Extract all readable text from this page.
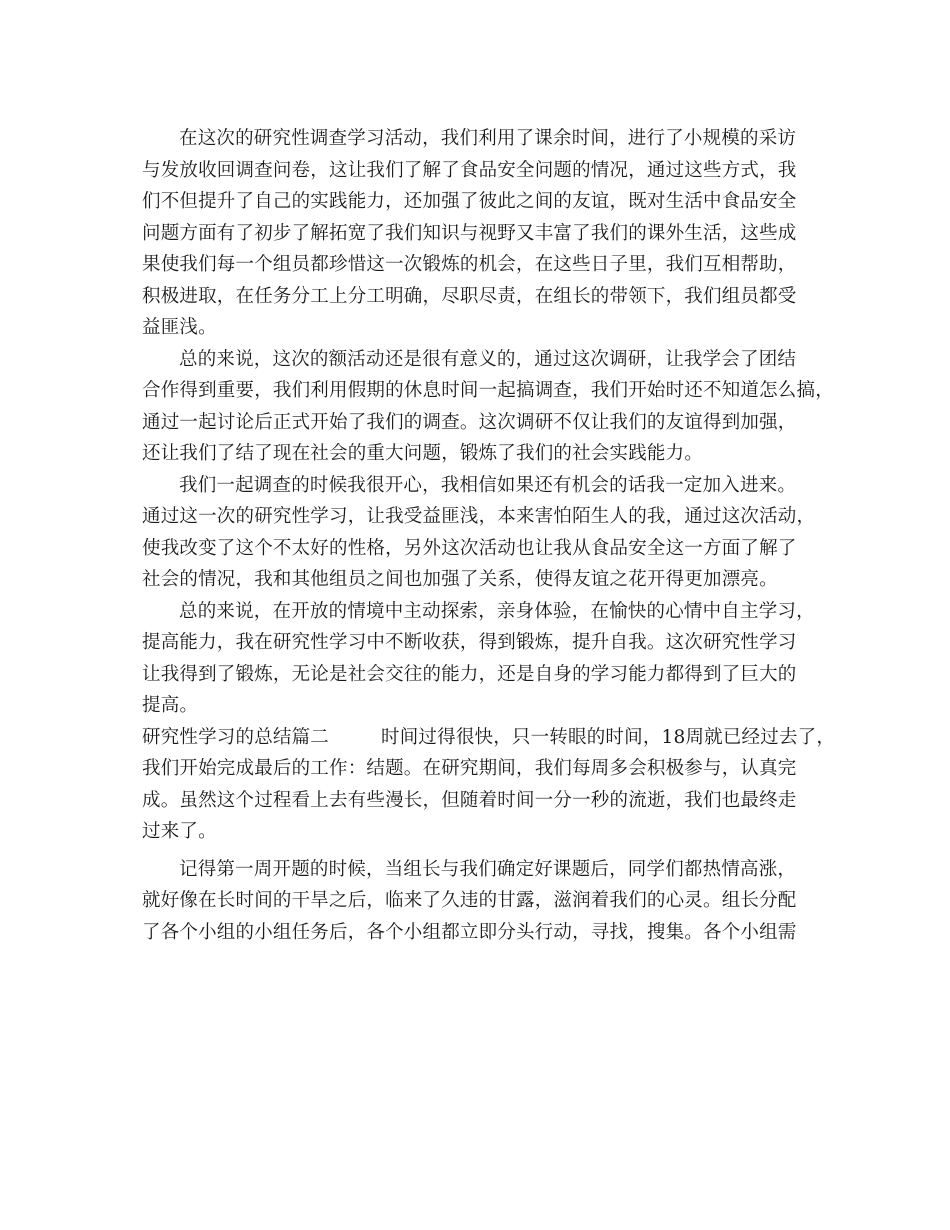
在这次的研究性调查学习活动，我们利用了课余时间，进行了小规模的采访
与发放收回调查问卷，这让我们了解了食品安全问题的情况，通过这些方式，我
们不但提升了自己的实践能力，还加强了彼此之间的友谊，既对生活中食品安全
问题方面有了初步了解拓宽了我们知识与视野又丰富了我们的课外生活，这些成
果使我们每一个组员都珍惜这一次锻炼的机会，在这些日子里，我们互相帮助，
积极进取，在任务分工上分工明确，尽职尽责，在组长的带领下，我们组员都受
益匪浅。
总的来说，这次的额活动还是很有意义的，通过这次调研，让我学会了团结
合作得到重要，我们利用假期的休息时间一起搞调查，我们开始时还不知道怎么搞，
通过一起讨论后正式开始了我们的调查。这次调研不仅让我们的友谊得到加强，
还让我们了结了现在社会的重大问题，锻炼了我们的社会实践能力。
我们一起调查的时候我很开心，我相信如果还有机会的话我一定加入进来。
通过这一次的研究性学习，让我受益匪浅，本来害怕陌生人的我，通过这次活动，
使我改变了这个不太好的性格，另外这次活动也让我从食品安全这一方面了解了
社会的情况，我和其他组员之间也加强了关系，使得友谊之花开得更加漂亮。
总的来说，在开放的情境中主动探索，亲身体验，在愉快的心情中自主学习，
提高能力，我在研究性学习中不断收获，得到锻炼，提升自我。这次研究性学习
让我得到了锻炼，无论是社会交往的能力，还是自身的学习能力都得到了巨大的
提高。
研究性学习的总结篇二	时间过得很快，只一转眼的时间，18周就已经过去了，
我们开始完成最后的工作：结题。在研究期间，我们每周多会积极参与，认真完
成。虽然这个过程看上去有些漫长，但随着时间一分一秒的流逝，我们也最终走
过来了。
记得第一周开题的时候，当组长与我们确定好课题后，同学们都热情高涨，
就好像在长时间的干旱之后，临来了久违的甘露，滋润着我们的心灵。组长分配
了各个小组的小组任务后，各个小组都立即分头行动，寻找，搜集。各个小组需
